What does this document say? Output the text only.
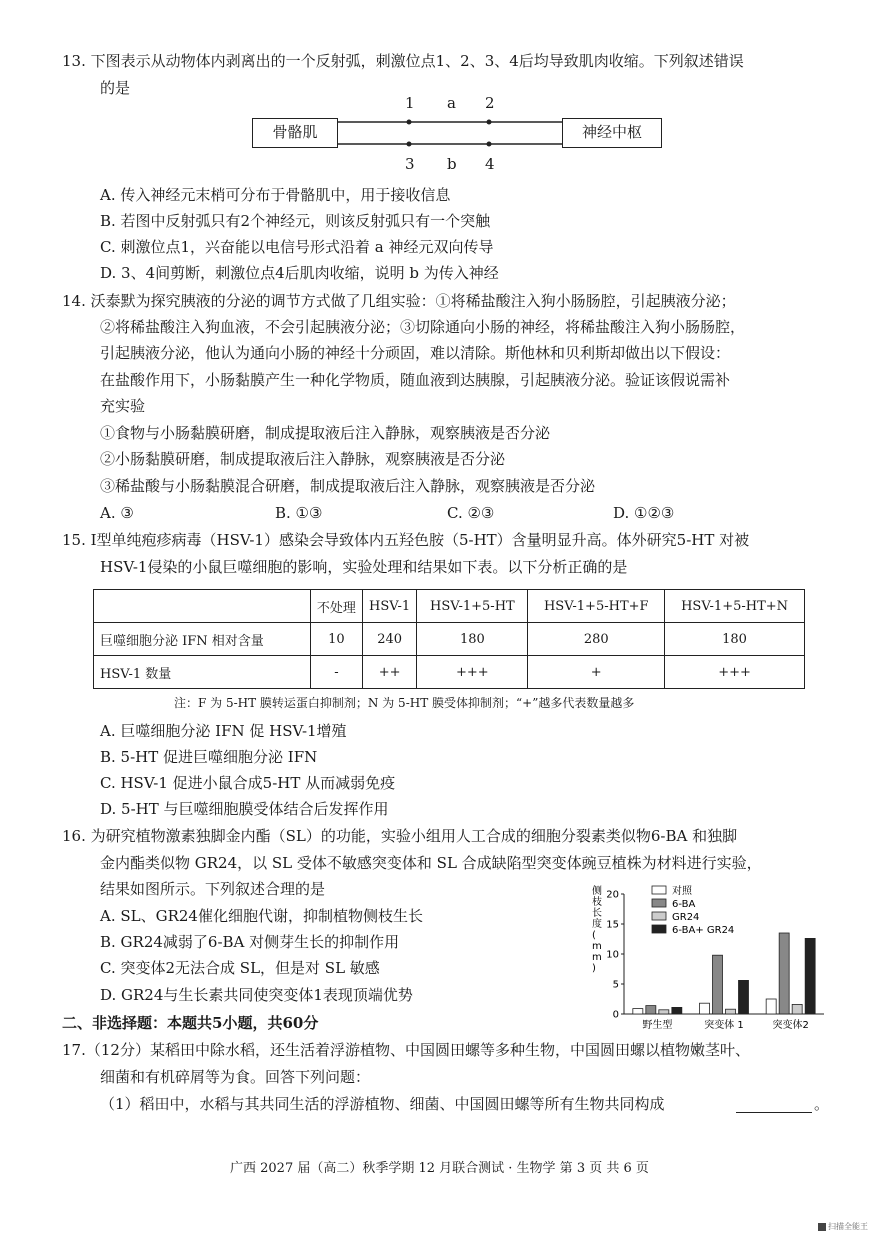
13. 下图表示从动物体内剥离出的一个反射弧，刺激位点1、2、3、4后均导致肌肉收缩。下列叙述错误
的是
骨骼肌	神经中枢
1 a 2
3 b 4
A. 传入神经元末梢可分布于骨骼肌中，用于接收信息
B. 若图中反射弧只有2个神经元，则该反射弧只有一个突触
C. 刺激位点1，兴奋能以电信号形式沿着 a 神经元双向传导
D. 3、4间剪断，刺激位点4后肌肉收缩，说明 b 为传入神经
14. 沃泰默为探究胰液的分泌的调节方式做了几组实验：①将稀盐酸注入狗小肠肠腔，引起胰液分泌；
②将稀盐酸注入狗血液，不会引起胰液分泌；③切除通向小肠的神经，将稀盐酸注入狗小肠肠腔，
引起胰液分泌，他认为通向小肠的神经十分顽固，难以清除。斯他林和贝利斯却做出以下假设：
在盐酸作用下，小肠黏膜产生一种化学物质，随血液到达胰腺，引起胰液分泌。验证该假说需补
充实验
①食物与小肠黏膜研磨，制成提取液后注入静脉，观察胰液是否分泌
②小肠黏膜研磨，制成提取液后注入静脉，观察胰液是否分泌
③稀盐酸与小肠黏膜混合研磨，制成提取液后注入静脉，观察胰液是否分泌
A. ③	B. ①③	C. ②③	D. ①②③
15. Ⅰ型单纯疱疹病毒（HSV-1）感染会导致体内五羟色胺（5-HT）含量明显升高。体外研究5-HT 对被
HSV-1侵染的小鼠巨噬细胞的影响，实验处理和结果如下表。以下分析正确的是
	不处理	HSV-1	HSV-1+5-HT	HSV-1+5-HT+F	HSV-1+5-HT+N
巨噬细胞分泌 IFN 相对含量	10	240	180	280	180
HSV-1 数量	-	++	+++	+	+++
注：F 为 5-HT 膜转运蛋白抑制剂；N 为 5-HT 膜受体抑制剂；“+”越多代表数量越多
A. 巨噬细胞分泌 IFN 促 HSV-1增殖
B. 5-HT 促进巨噬细胞分泌 IFN
C. HSV-1 促进小鼠合成5-HT 从而减弱免疫
D. 5-HT 与巨噬细胞膜受体结合后发挥作用
16. 为研究植物激素独脚金内酯（SL）的功能，实验小组用人工合成的细胞分裂素类似物6-BA 和独脚
金内酯类似物 GR24，以 SL 受体不敏感突变体和 SL 合成缺陷型突变体豌豆植株为材料进行实验，
结果如图所示。下列叙述合理的是
A. SL、GR24催化细胞代谢，抑制植物侧枝生长
B. GR24减弱了6-BA 对侧芽生长的抑制作用
C. 突变体2无法合成 SL，但是对 SL 敏感
D. GR24与生长素共同使突变体1表现顶端优势
侧枝长度( m m )
0
5
10
15
20
野生型	突变体 1	突变体2
对照
6-BA
GR24
6-BA+ GR24
二、非选择题：本题共5小题，共60分
17.（12分）某稻田中除水稻，还生活着浮游植物、中国圆田螺等多种生物，中国圆田螺以植物嫩茎叶、
细菌和有机碎屑等为食。回答下列问题：
（1）稻田中，水稻与其共同生活的浮游植物、细菌、中国圆田螺等所有生物共同构成	。
广西 2027 届（高二）秋季学期 12 月联合测试 · 生物学 第 3 页 共 6 页
扫描全能王
